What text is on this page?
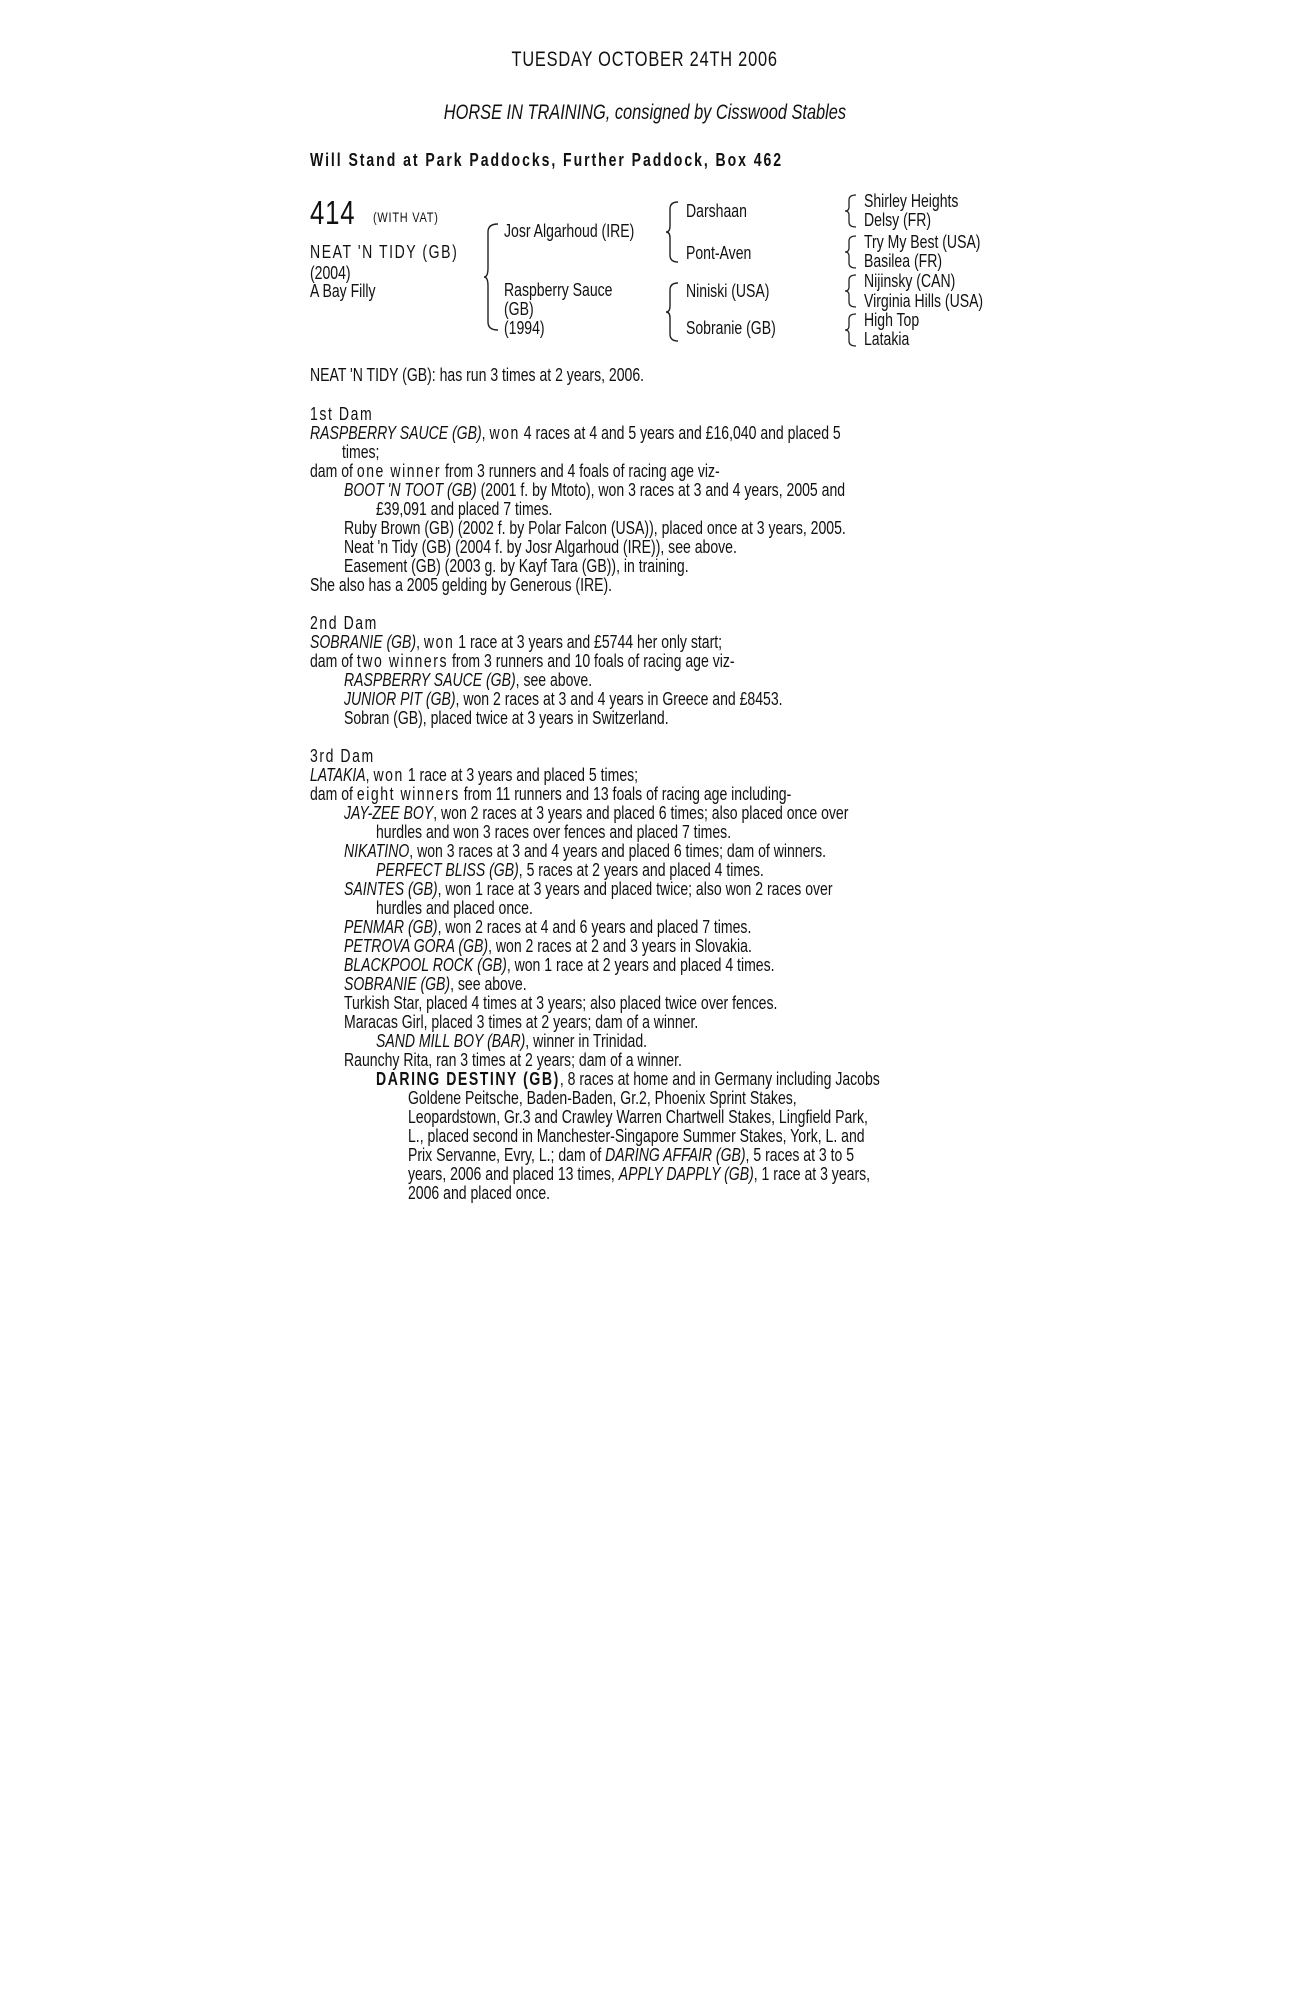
TUESDAY OCTOBER 24TH 2006
HORSE IN TRAINING, consigned by Cisswood Stables
Will Stand at Park Paddocks, Further Paddock, Box 462
414	(WITH VAT)
NEAT 'N TIDY (GB)
(2004)
A Bay Filly
Josr Algarhoud (IRE)
Raspberry Sauce
(GB)
(1994)
Darshaan
Pont-Aven
Niniski (USA)
Sobranie (GB)
Shirley Heights
Delsy (FR)
Try My Best (USA)
Basilea (FR)
Nijinsky (CAN)
Virginia Hills (USA)
High Top
Latakia
NEAT 'N TIDY (GB): has run 3 times at 2 years, 2006.
1st Dam
RASPBERRY SAUCE (GB), won 4 races at 4 and 5 years and £16,040 and placed 5
times;
dam of one winner from 3 runners and 4 foals of racing age viz-
BOOT 'N TOOT (GB) (2001 f. by Mtoto), won 3 races at 3 and 4 years, 2005 and
£39,091 and placed 7 times.
Ruby Brown (GB) (2002 f. by Polar Falcon (USA)), placed once at 3 years, 2005.
Neat 'n Tidy (GB) (2004 f. by Josr Algarhoud (IRE)), see above.
Easement (GB) (2003 g. by Kayf Tara (GB)), in training.
She also has a 2005 gelding by Generous (IRE).
2nd Dam
SOBRANIE (GB), won 1 race at 3 years and £5744 her only start;
dam of two winners from 3 runners and 10 foals of racing age viz-
RASPBERRY SAUCE (GB), see above.
JUNIOR PIT (GB), won 2 races at 3 and 4 years in Greece and £8453.
Sobran (GB), placed twice at 3 years in Switzerland.
3rd Dam
LATAKIA, won 1 race at 3 years and placed 5 times;
dam of eight winners from 11 runners and 13 foals of racing age including-
JAY-ZEE BOY, won 2 races at 3 years and placed 6 times; also placed once over
hurdles and won 3 races over fences and placed 7 times.
NIKATINO, won 3 races at 3 and 4 years and placed 6 times; dam of winners.
PERFECT BLISS (GB), 5 races at 2 years and placed 4 times.
SAINTES (GB), won 1 race at 3 years and placed twice; also won 2 races over
hurdles and placed once.
PENMAR (GB), won 2 races at 4 and 6 years and placed 7 times.
PETROVA GORA (GB), won 2 races at 2 and 3 years in Slovakia.
BLACKPOOL ROCK (GB), won 1 race at 2 years and placed 4 times.
SOBRANIE (GB), see above.
Turkish Star, placed 4 times at 3 years; also placed twice over fences.
Maracas Girl, placed 3 times at 2 years; dam of a winner.
SAND MILL BOY (BAR), winner in Trinidad.
Raunchy Rita, ran 3 times at 2 years; dam of a winner.
DARING DESTINY (GB), 8 races at home and in Germany including Jacobs
Goldene Peitsche, Baden-Baden, Gr.2, Phoenix Sprint Stakes,
Leopardstown, Gr.3 and Crawley Warren Chartwell Stakes, Lingfield Park,
L., placed second in Manchester-Singapore Summer Stakes, York, L. and
Prix Servanne, Evry, L.; dam of DARING AFFAIR (GB), 5 races at 3 to 5
years, 2006 and placed 13 times, APPLY DAPPLY (GB), 1 race at 3 years,
2006 and placed once.
